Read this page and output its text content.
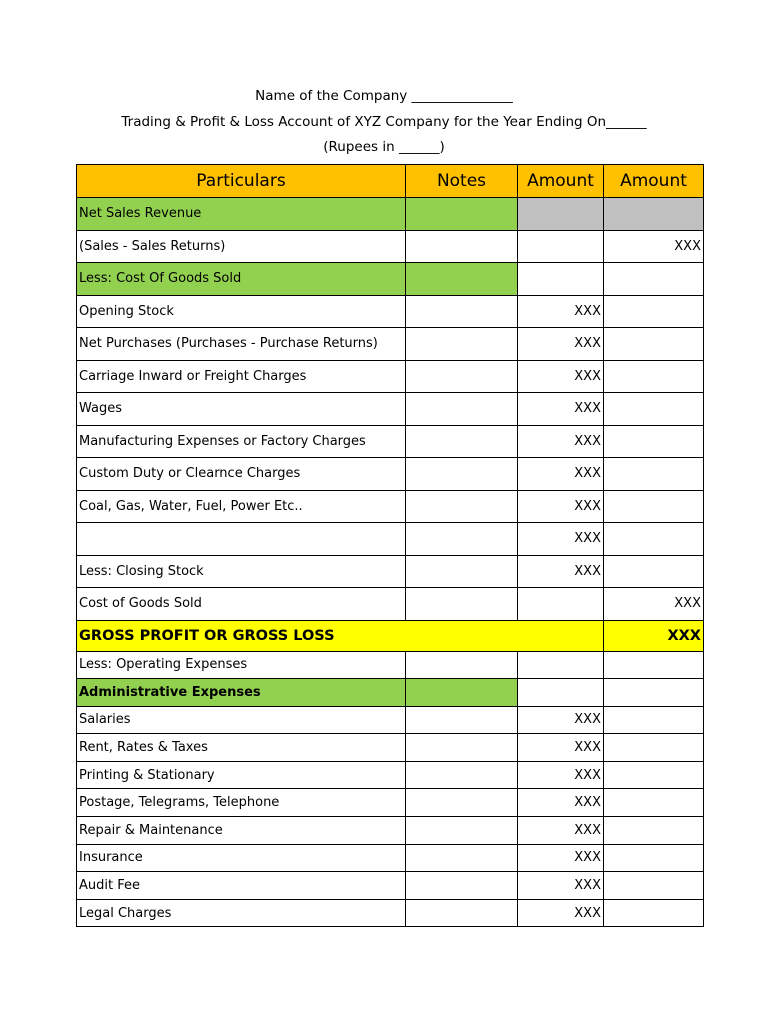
Name of the Company _______________
Trading & Profit & Loss Account of XYZ Company for the Year Ending On______
(Rupees in ______)
Particulars	Notes	Amount	Amount
Net Sales Revenue			
(Sales - Sales Returns)			XXX
Less: Cost Of Goods Sold			
Opening Stock		XXX	
Net Purchases (Purchases - Purchase Returns)		XXX	
Carriage Inward or Freight Charges		XXX	
Wages		XXX	
Manufacturing Expenses or Factory Charges		XXX	
Custom Duty or Clearnce Charges		XXX	
Coal, Gas, Water, Fuel, Power Etc..		XXX	
		XXX	
Less: Closing Stock		XXX	
Cost of Goods Sold			XXX
GROSS PROFIT OR GROSS LOSS			XXX
Less: Operating Expenses			
Administrative Expenses			
Salaries		XXX	
Rent, Rates & Taxes		XXX	
Printing & Stationary		XXX	
Postage, Telegrams, Telephone		XXX	
Repair & Maintenance		XXX	
Insurance		XXX	
Audit Fee		XXX	
Legal Charges		XXX	
